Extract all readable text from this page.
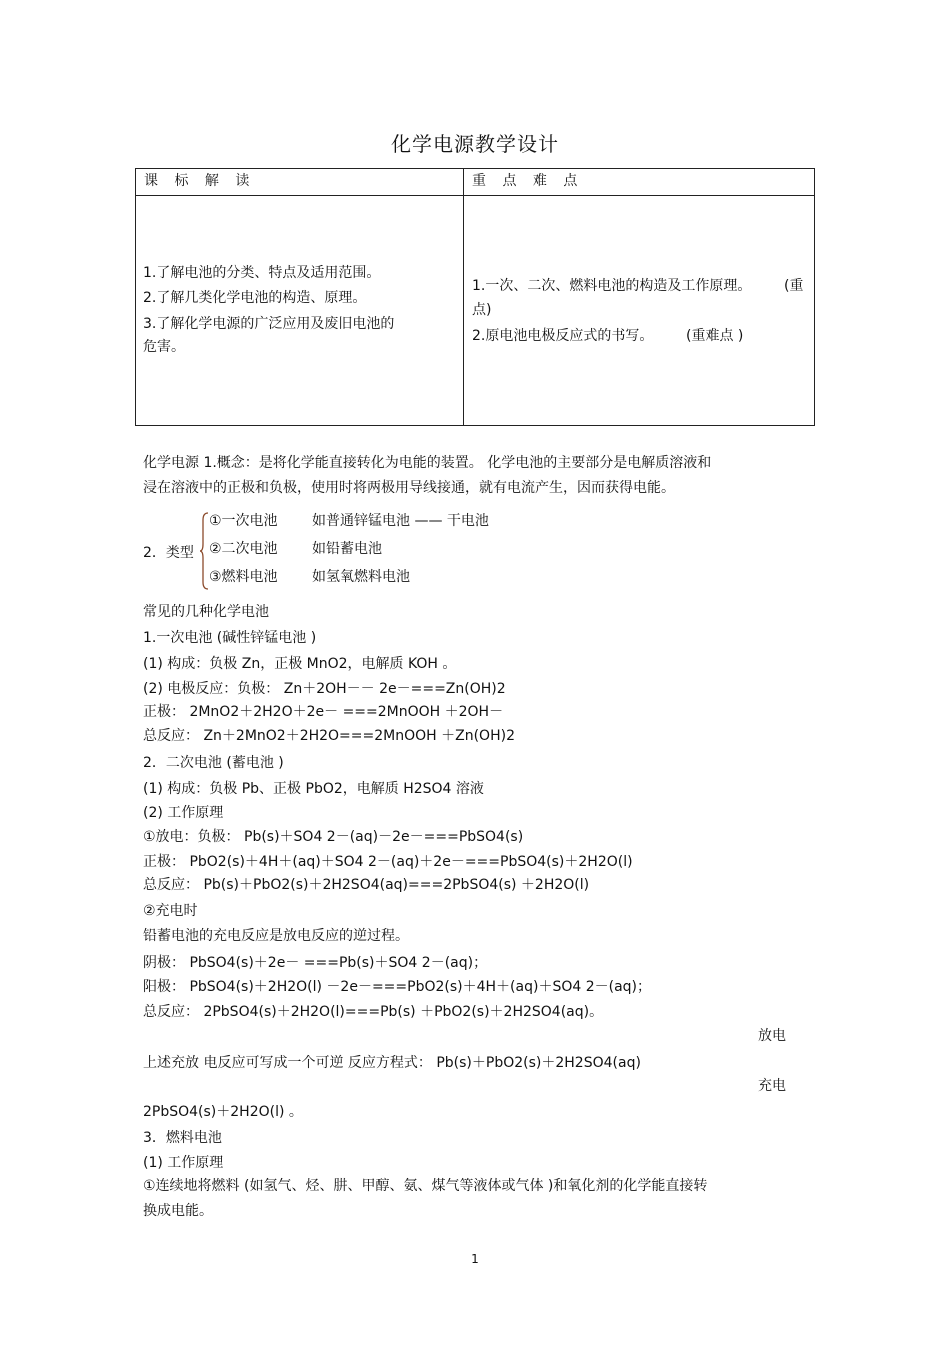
化学电源教学设计
课 标 解 读	重 点 难 点
1.了解电池的分类、特点及适用范围。
2.了解几类化学电池的构造、原理。
3.了解化学电源的广泛应用及废旧电池的
危害。
1.一次、二次、燃料电池的构造及工作原理。 (重
点)
2.原电池电极反应式的书写。 (重难点 )
化学电源 1.概念：是将化学能直接转化为电能的装置。 化学电池的主要部分是电解质溶液和
浸在溶液中的正极和负极，使用时将两极用导线接通，就有电流产生，因而获得电能。
2．类型
①一次电池 如普通锌锰电池 —— 干电池
②二次电池 如铅蓄电池
③燃料电池 如氢氧燃料电池
常见的几种化学电池
1.一次电池 (碱性锌锰电池 )
(1) 构成：负极 Zn，正极 MnO2，电解质 KOH 。
(2) 电极反应：负极： Zn＋2OH－－ 2e－===Zn(OH)2
正极： 2MnO2＋2H2O＋2e－ ===2MnOOH ＋2OH－
总反应： Zn＋2MnO2＋2H2O===2MnOOH ＋Zn(OH)2
2．二次电池 (蓄电池 )
(1) 构成：负极 Pb、正极 PbO2，电解质 H2SO4 溶液
(2) 工作原理
①放电：负极： Pb(s)＋SO4 2－(aq)－2e－===PbSO4(s)
正极： PbO2(s)＋4H＋(aq)＋SO4 2－(aq)＋2e－===PbSO4(s)＋2H2O(l)
总反应： Pb(s)＋PbO2(s)＋2H2SO4(aq)===2PbSO4(s) ＋2H2O(l)
②充电时
铅蓄电池的充电反应是放电反应的逆过程。
阴极： PbSO4(s)＋2e－ ===Pb(s)＋SO4 2－(aq)；
阳极： PbSO4(s)＋2H2O(l) －2e－===PbO2(s)＋4H＋(aq)＋SO4 2－(aq)；
总反应： 2PbSO4(s)＋2H2O(l)===Pb(s) ＋PbO2(s)＋2H2SO4(aq)。
放电
上述充放 电反应可写成一个可逆 反应方程式： Pb(s)＋PbO2(s)＋2H2SO4(aq)
充电
2PbSO4(s)＋2H2O(l) 。
3．燃料电池
(1) 工作原理
①连续地将燃料 (如氢气、烃、肼、甲醇、氨、煤气等液体或气体 )和氧化剂的化学能直接转
换成电能。
1
